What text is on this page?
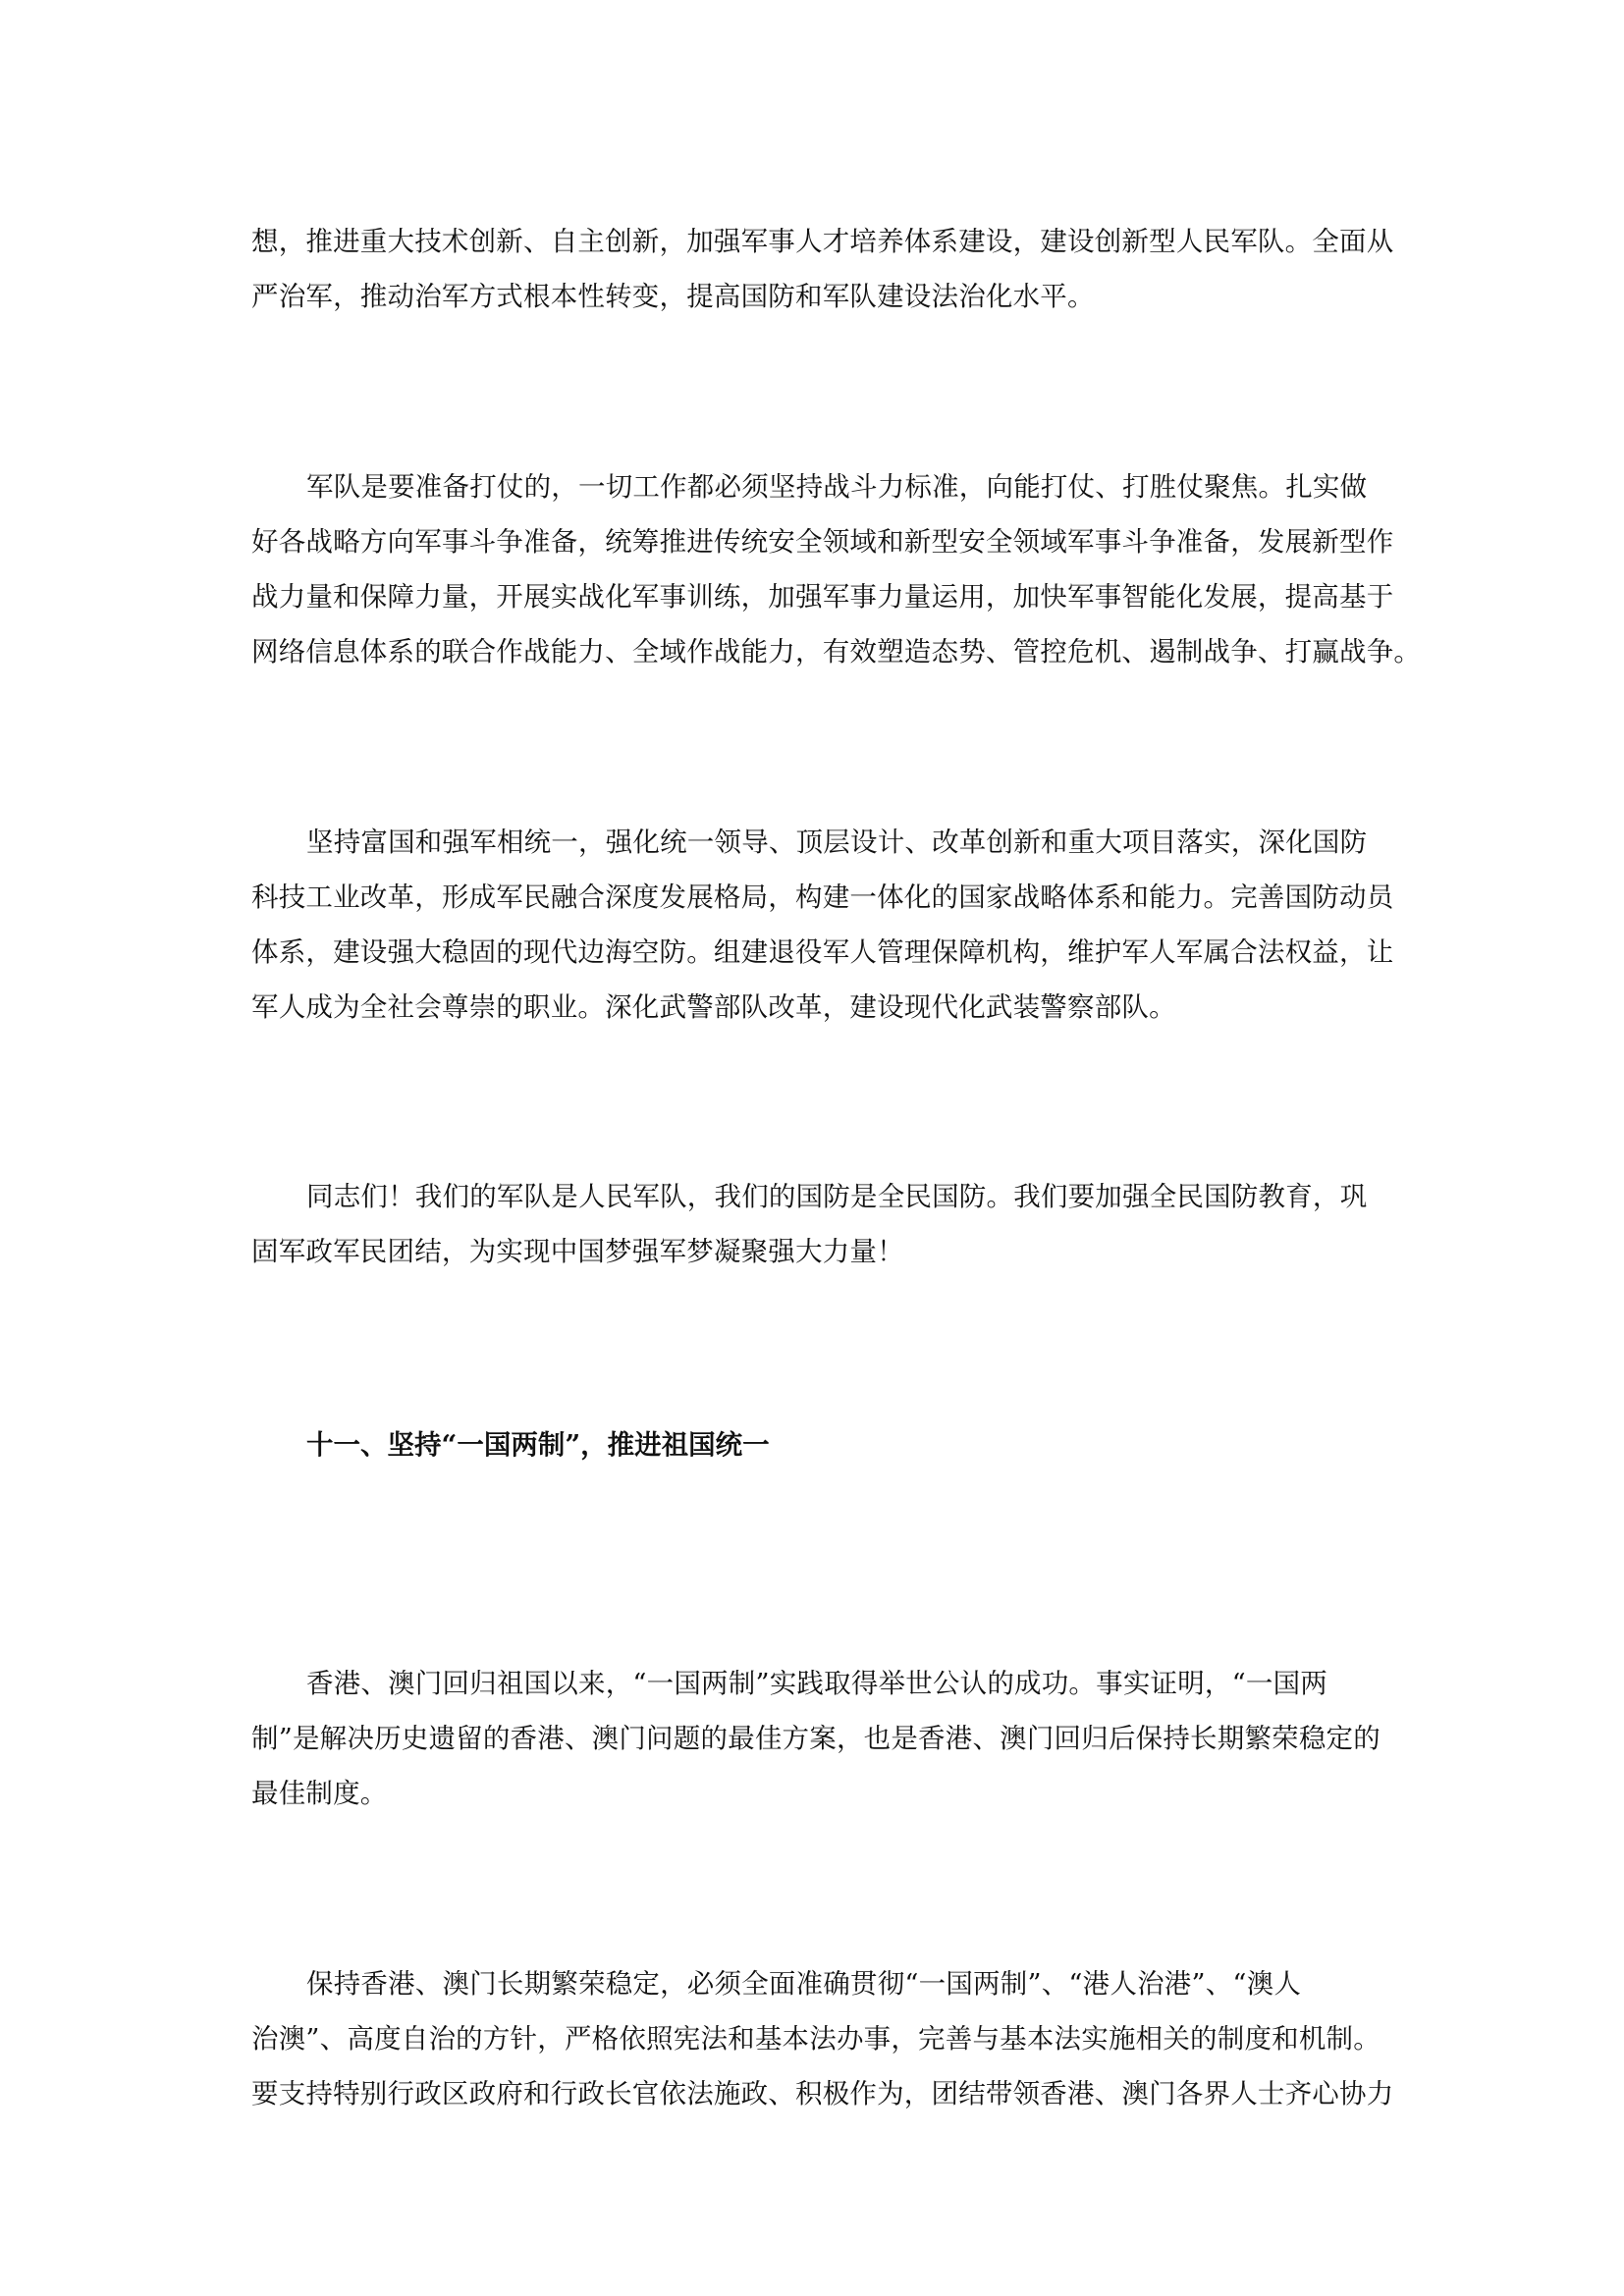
想，推进重大技术创新、自主创新，加强军事人才培养体系建设，建设创新型人民军队。全面从
严治军，推动治军方式根本性转变，提高国防和军队建设法治化水平。
军队是要准备打仗的，一切工作都必须坚持战斗力标准，向能打仗、打胜仗聚焦。扎实做
好各战略方向军事斗争准备，统筹推进传统安全领域和新型安全领域军事斗争准备，发展新型作
战力量和保障力量，开展实战化军事训练，加强军事力量运用，加快军事智能化发展，提高基于
网络信息体系的联合作战能力、全域作战能力，有效塑造态势、管控危机、遏制战争、打赢战争。
坚持富国和强军相统一，强化统一领导、顶层设计、改革创新和重大项目落实，深化国防
科技工业改革，形成军民融合深度发展格局，构建一体化的国家战略体系和能力。完善国防动员
体系，建设强大稳固的现代边海空防。组建退役军人管理保障机构，维护军人军属合法权益，让
军人成为全社会尊崇的职业。深化武警部队改革，建设现代化武装警察部队。
同志们！我们的军队是人民军队，我们的国防是全民国防。我们要加强全民国防教育，巩
固军政军民团结，为实现中国梦强军梦凝聚强大力量！
十一、坚持“一国两制”，推进祖国统一
香港、澳门回归祖国以来，“一国两制”实践取得举世公认的成功。事实证明，“一国两
制”是解决历史遗留的香港、澳门问题的最佳方案，也是香港、澳门回归后保持长期繁荣稳定的
最佳制度。
保持香港、澳门长期繁荣稳定，必须全面准确贯彻“一国两制”、“港人治港”、“澳人
治澳”、高度自治的方针，严格依照宪法和基本法办事，完善与基本法实施相关的制度和机制。
要支持特别行政区政府和行政长官依法施政、积极作为，团结带领香港、澳门各界人士齐心协力
